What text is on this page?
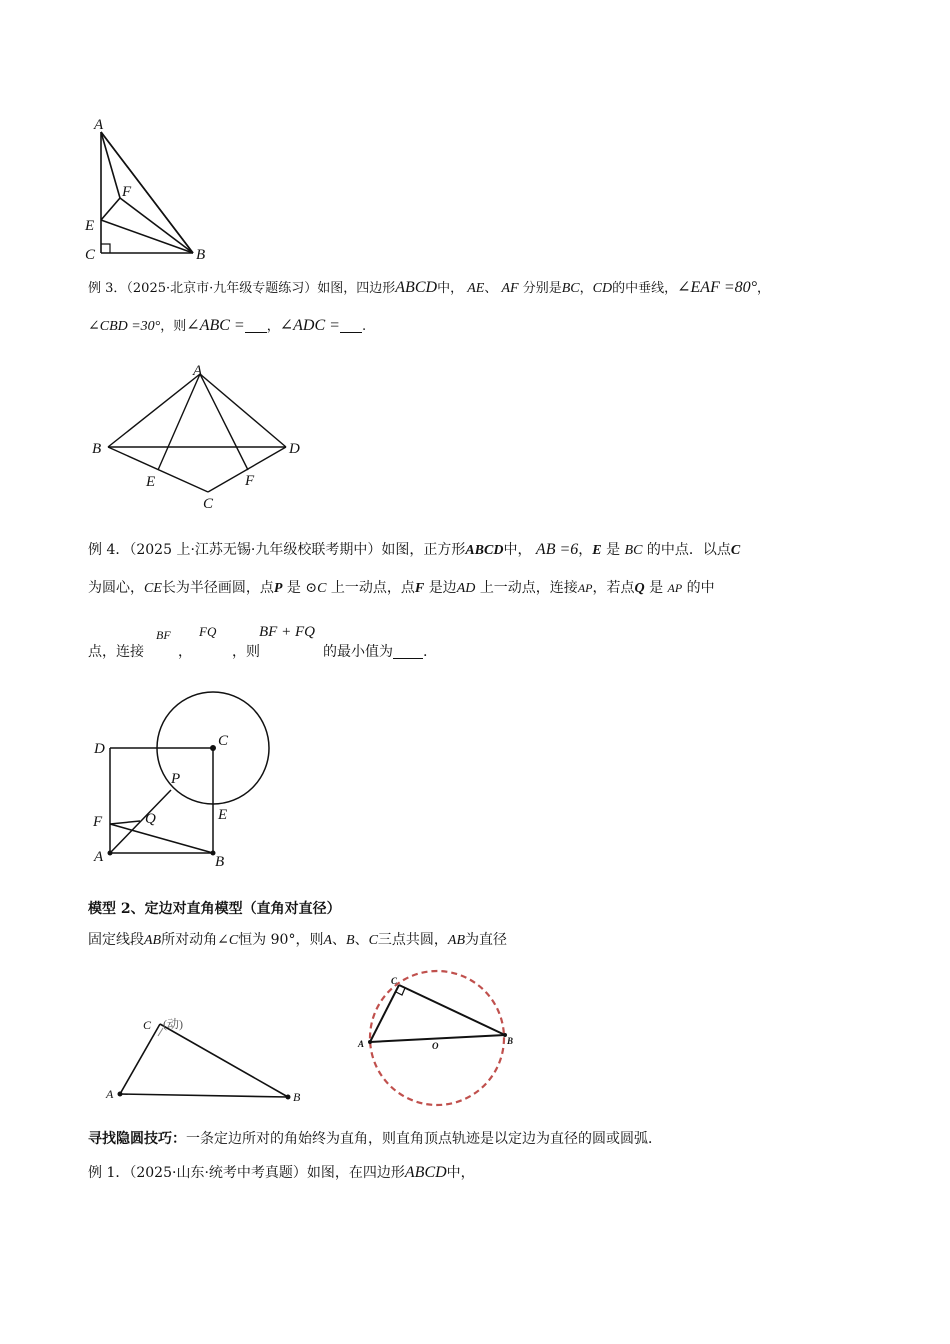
A
F
E
C	B
例 3．（2025·北京市·九年级专题练习）如图，四边形ABCD中， AE、 AF 分别是BC，CD的中垂线，∠EAF =80°，
∠CBD =30°，则∠ABC = ，∠ADC = .
A
B	D
E	F
C
例 4．（2025 上·江苏无锡·九年级校联考期中）如图，正方形ABCD中， AB =6，E 是 BC 的中点．以点C
为圆心，CE长为半径画圆，点P 是 ⊙C 上一动点，点F 是边AD 上一动点，连接AP，若点Q 是 AP 的中
点，连接
BF
，
FQ
，则
BF + FQ
的最小值为 .
D	C
P
E
F	Q
A	B
模型 2、定边对直角模型（直角对直径）
固定线段AB所对动角∠C恒为 90°，则A、B、C三点共圆，AB为直径
C (动)
A	B
C
A	O	B
寻找隐圆技巧：一条定边所对的角始终为直角，则直角顶点轨迹是以定边为直径的圆或圆弧．
例 1．（2025·山东·统考中考真题）如图，在四边形ABCD中，
